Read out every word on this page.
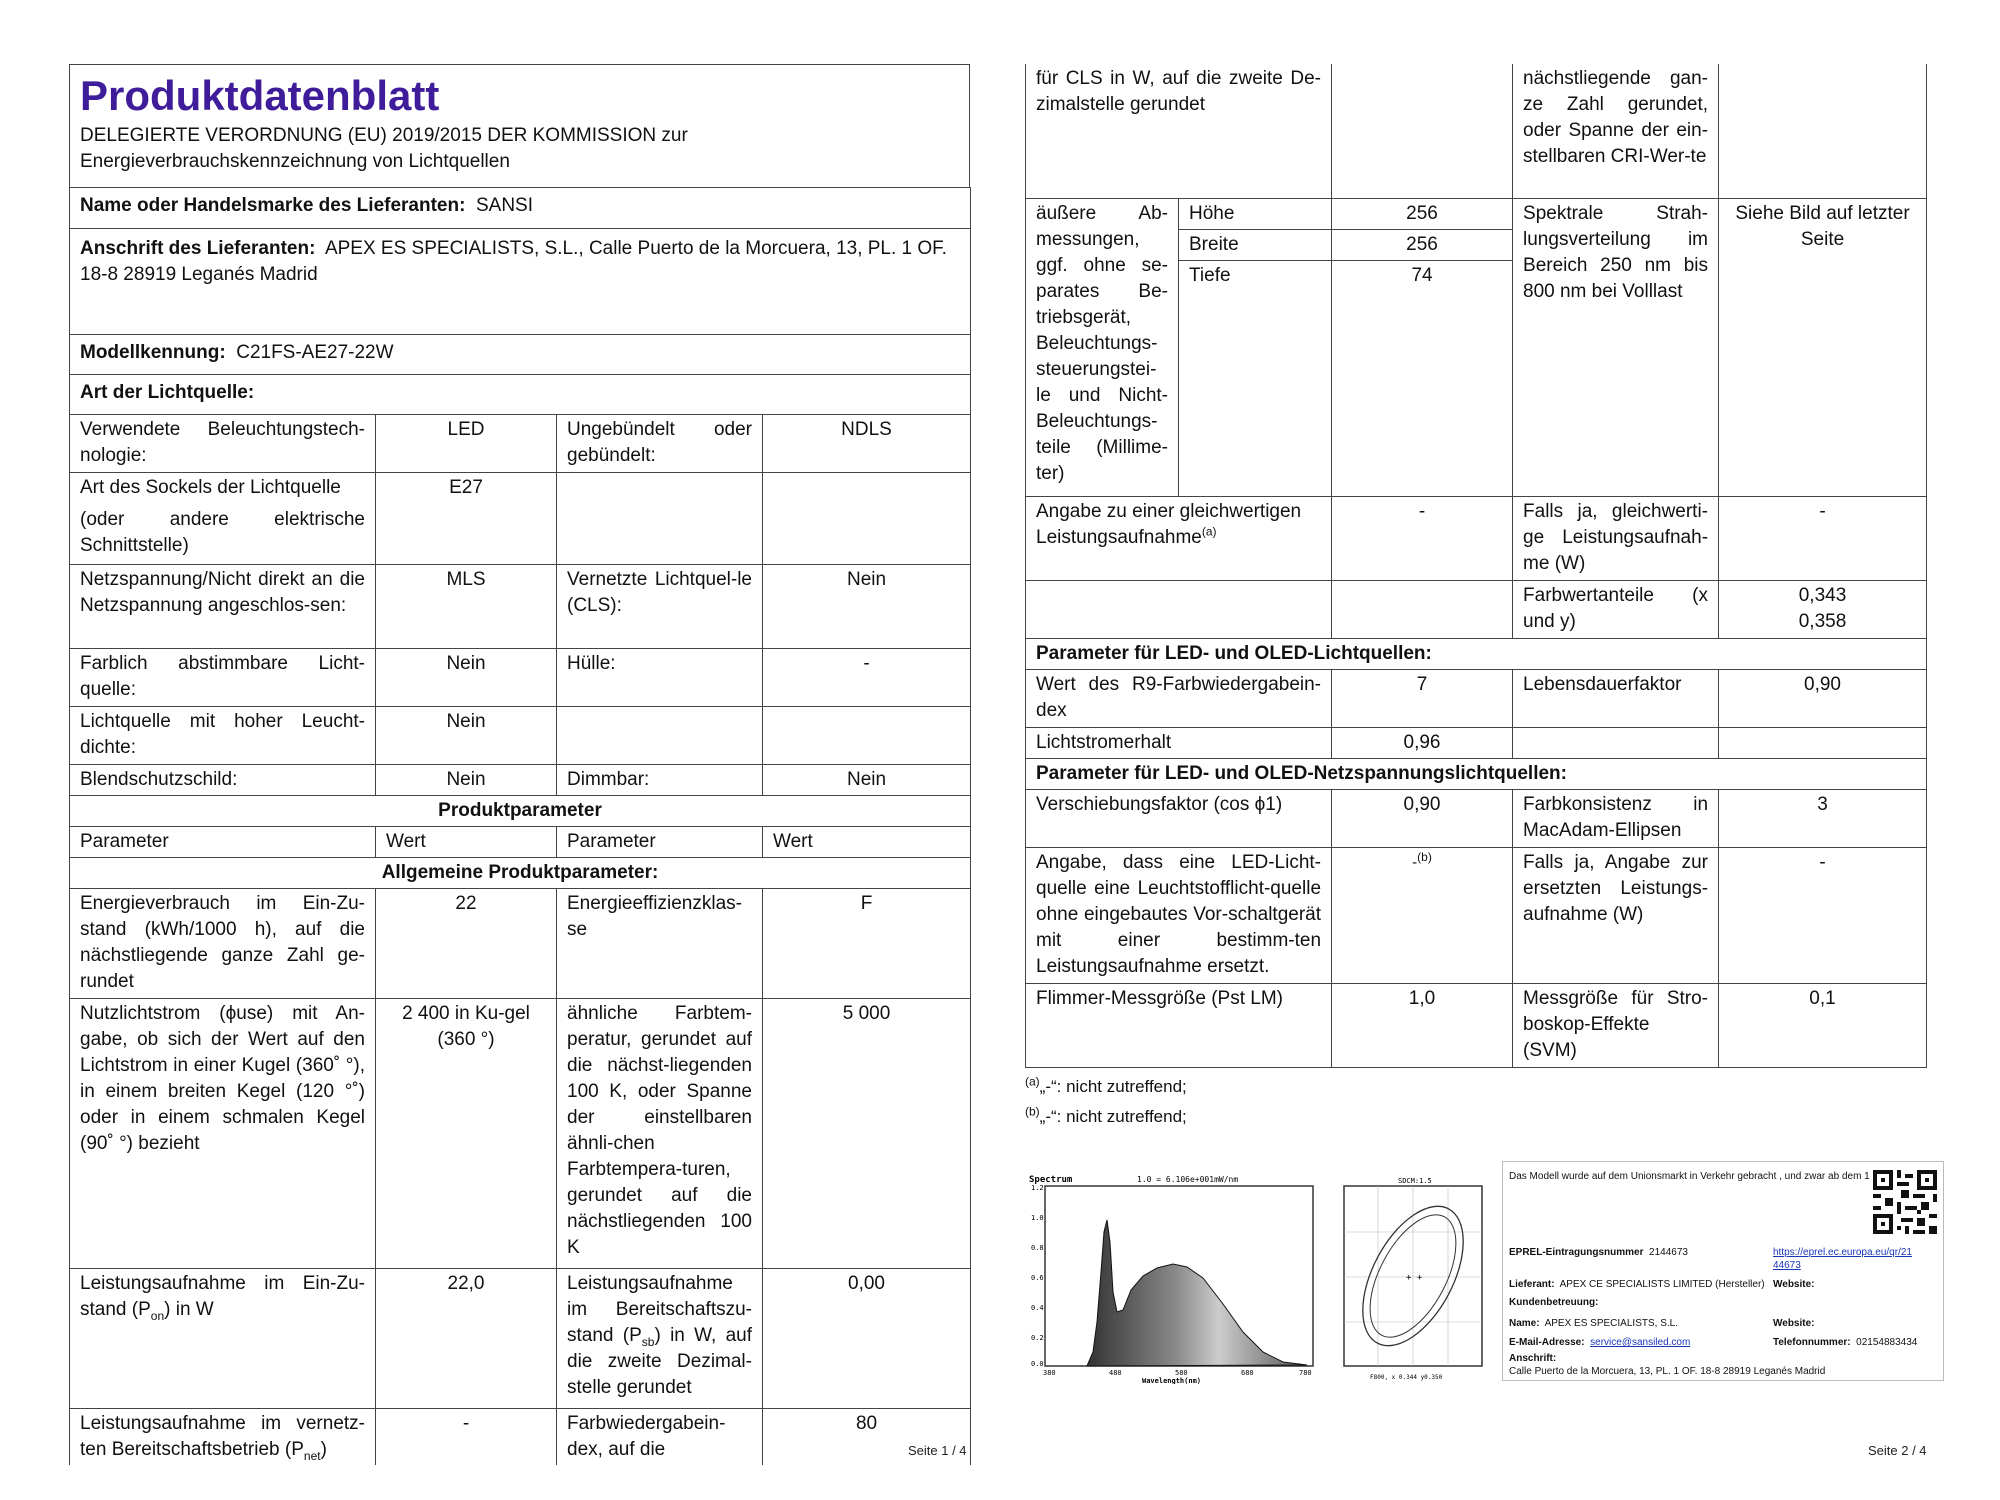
Produktdatenblatt
DELEGIERTE VERORDNUNG (EU) 2019/2015 DER KOMMISSION zur
Energieverbrauchskennzeichnung von Lichtquellen
Name oder Handelsmarke des Lieferanten: SANSI			
Anschrift des Lieferanten: APEX ES SPECIALISTS, S.L., Calle Puerto de la Morcuera, 13, PL. 1 OF.
18-8 28919 Leganés Madrid			
Modellkennung: C21FS-AE27-22W			
Art der Lichtquelle:			
Verwendete Beleuchtungstech-nologie:	LED	Ungebündelt oder gebündelt:	NDLS
Art des Sockels der Lichtquelle
(oder andere elektrische Schnittstelle)	E27		
Netzspannung/Nicht direkt an die Netzspannung angeschlos-sen:	MLS	Vernetzte Lichtquel-le (CLS):	Nein
Farblich abstimmbare Licht-quelle:	Nein	Hülle:	-
Lichtquelle mit hoher Leucht-dichte:	Nein		
Blendschutzschild:	Nein	Dimmbar:	Nein
Produktparameter			
Parameter	Wert	Parameter	Wert
Allgemeine Produktparameter:			
Energieverbrauch im Ein-Zu-stand (kWh/1000 h), auf die nächstliegende ganze Zahl ge-rundet	22	Energieeffizienzklas-se	F
Nutzlichtstrom (ϕuse) mit An-gabe, ob sich der Wert auf den Lichtstrom in einer Kugel (360˚ °), in einem breiten Kegel (120 °˚) oder in einem schmalen Kegel (90˚ °) bezieht	2 400 in Ku-gel (360 °)	ähnliche Farbtem-peratur, gerundet auf die nächst-liegenden 100 K, oder Spanne der einstellbaren ähnli-chen Farbtempera-turen, gerundet auf die nächstliegenden 100 K	5 000
Leistungsaufnahme im Ein-Zu-stand $(P_{on})$ in W	22,0	Leistungsaufnahme im Bereitschaftszu-stand $(P_{sb})$ in W, auf die zweite Dezimal-stelle gerundet	0,00
Leistungsaufnahme im vernetz-ten Bereitschaftsbetrieb $(P_{net})$	-	Farbwiedergabein-dex, auf die	80
Seite 1 / 4
für CLS in W, auf die zweite De-zimalstelle gerundet			nächstliegende gan-ze Zahl gerundet, oder Spanne der ein-stellbaren CRI-Wer-te	
äußere Ab-messungen, ggf. ohne se-parates Be-triebsgerät, Beleuchtungs-steuerungstei-le und Nicht-Beleuchtungs-teile (Millime-ter)	Höhe	256	Spektrale Strah-lungsverteilung im Bereich 250 nm bis 800 nm bei Volllast	Siehe Bild auf letzter Seite
	Breite	256		
	Tiefe	74		
Angabe zu einer gleichwertigen Leistungsaufnahme$^{(a)}$		-	Falls ja, gleichwerti-ge Leistungsaufnah-me (W)	-
			Farbwertanteile (x und y)	0,343
0,358
Parameter für LED- und OLED-Lichtquellen:				
Wert des R9-Farbwiedergabein-dex		7	Lebensdauerfaktor	0,90
Lichtstromerhalt		0,96		
Parameter für LED- und OLED-Netzspannungslichtquellen:				
Verschiebungsfaktor (cos ϕ1)		0,90	Farbkonsistenz in MacAdam-Ellipsen	3
Angabe, dass eine LED-Licht-quelle eine Leuchtstofflicht-quelle ohne eingebautes Vor-schaltgerät mit einer bestimm-ten Leistungsaufnahme ersetzt.		-$^{(b)}$	Falls ja, Angabe zur ersetzten Leistungs-aufnahme (W)	-
Flimmer-Messgröße (Pst LM)		1,0	Messgröße für Stro-boskop-Effekte (SVM)	0,1
$^{(a)}$„-“: nicht zutreffend;
$^{(b)}$„-“: nicht zutreffend;
Spectrum	1.0 = 6.106e+001mW/nm
1.2
1.0
0.8
0.6
0.4
0.2
0.0
380	480	580	680	780
Wavelength(nm)
SDCM:1.5
+ +
F800, x 0.344 y0.350
Das Modell wurde auf dem Unionsmarkt in Verkehr gebracht , und zwar ab dem 1
EPREL-Eintragungsnummer 2144673	https://eprel.ec.europa.eu/qr/21
44673
Lieferant: APEX CE SPECIALISTS LIMITED (Hersteller) Website:
Kundenbetreuung:
Name: APEX ES SPECIALISTS, S.L.	Website:
E-Mail-Adresse: service@sansiled.com	Telefonnummer: 02154883434
Anschrift:
Calle Puerto de la Morcuera, 13, PL. 1 OF. 18-8 28919 Leganés Madrid
Seite 2 / 4
